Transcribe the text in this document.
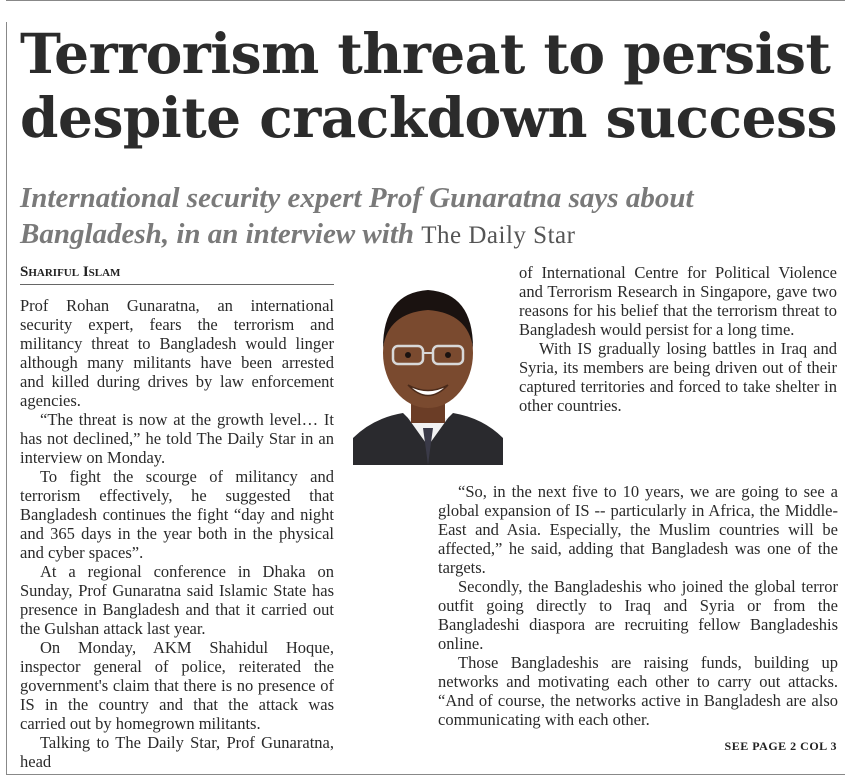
Terrorism threat to persist despite crackdown success

International security expert Prof Gunaratna says about Bangladesh, in an interview with The Daily Star

Shariful Islam
Prof Rohan Gunaratna, an international security expert, fears the terrorism and militancy threat to Bangladesh would linger although many militants have been arrested and killed during drives by law enforcement agencies.
“The threat is now at the growth level… It has not declined,” he told The Daily Star in an interview on Monday.
To fight the scourge of militancy and terrorism effectively, he suggested that Bangladesh continues the fight “day and night and 365 days in the year both in the physical and cyber spaces”.
At a regional conference in Dhaka on Sunday, Prof Gunaratna said Islamic State has presence in Bangladesh and that it carried out the Gulshan attack last year.
On Monday, AKM Shahidul Hoque, inspector general of police, reiterated the government's claim that there is no presence of IS in the country and that the attack was carried out by homegrown militants.
Talking to The Daily Star, Prof Gunaratna, head
of International Centre for Political Violence and Terrorism Research in Singapore, gave two reasons for his belief that the terrorism threat to Bangladesh would persist for a long time.
With IS gradually losing battles in Iraq and Syria, its members are being driven out of their captured territories and forced to take shelter in other countries.
“So, in the next five to 10 years, we are going to see a global expansion of IS -- particularly in Africa, the Middle-East and Asia. Especially, the Muslim countries will be affected,” he said, adding that Bangladesh was one of the targets.
Secondly, the Bangladeshis who joined the global terror outfit going directly to Iraq and Syria or from the Bangladeshi diaspora are recruiting fellow Bangladeshis online.
Those Bangladeshis are raising funds, building up networks and motivating each other to carry out attacks. “And of course, the networks active in Bangladesh are also communicating with each other.
SEE PAGE 2 COL 3
